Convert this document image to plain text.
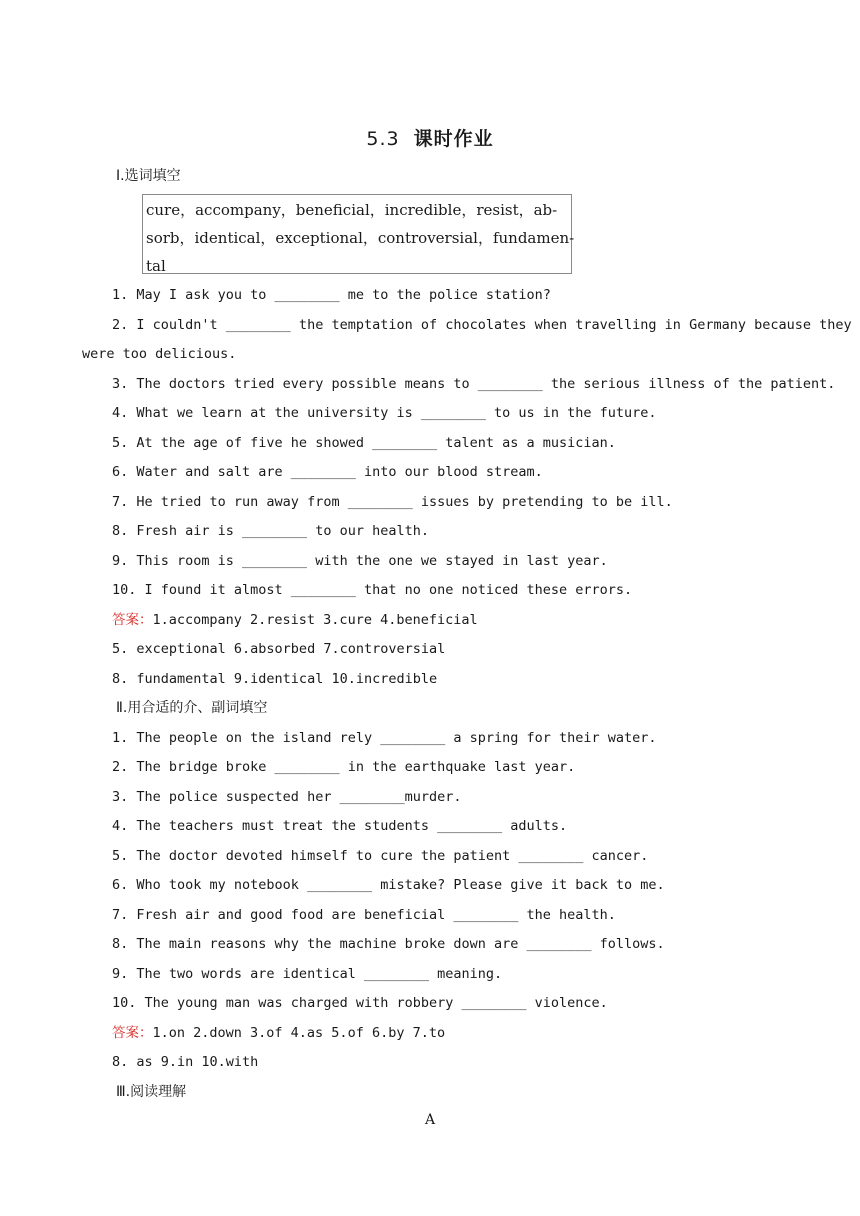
5.3 课时作业
Ⅰ.选词填空
cure，accompany，beneficial，incredible，resist，ab-
sorb，identical，exceptional，controversial，fundamen-
tal
1. May I ask you to ________ me to the police station?
2. I couldn't ________ the temptation of chocolates when travelling in Germany because they
were too delicious.
3. The doctors tried every possible means to ________ the serious illness of the patient.
4. What we learn at the university is ________ to us in the future.
5. At the age of five he showed ________ talent as a musician.
6. Water and salt are ________ into our blood stream.
7. He tried to run away from ________ issues by pretending to be ill.
8. Fresh air is ________ to our health.
9. This room is ________ with the one we stayed in last year.
10. I found it almost ________ that no one noticed these errors.
答案：1.accompany 2.resist 3.cure 4.beneficial
5. exceptional 6.absorbed 7.controversial
8. fundamental 9.identical 10.incredible
Ⅱ.用合适的介、副词填空
1. The people on the island rely ________ a spring for their water.
2. The bridge broke ________ in the earthquake last year.
3. The police suspected her ________murder.
4. The teachers must treat the students ________ adults.
5. The doctor devoted himself to cure the patient ________ cancer.
6. Who took my notebook ________ mistake? Please give it back to me.
7. Fresh air and good food are beneficial ________ the health.
8. The main reasons why the machine broke down are ________ follows.
9. The two words are identical ________ meaning.
10. The young man was charged with robbery ________ violence.
答案：1.on 2.down 3.of 4.as 5.of 6.by 7.to
8. as 9.in 10.with
Ⅲ.阅读理解
A
